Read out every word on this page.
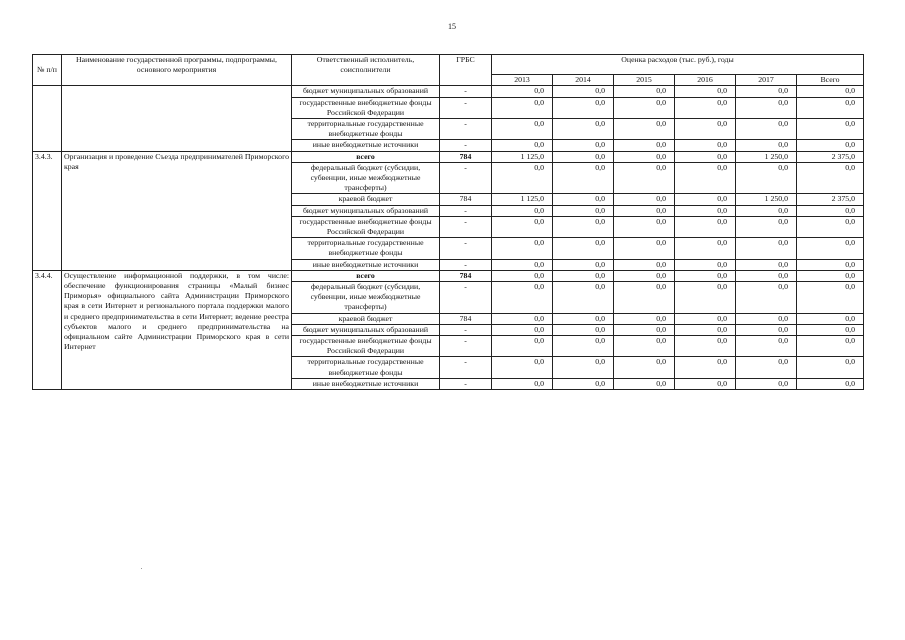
15
№ п/п	Наименование государственной программы, подпрограммы, основного мероприятия	Ответственный исполнитель, соисполнители	ГРБС	Оценка расходов (тыс. руб.), годы					
				2013	2014	2015	2016	2017	Всего
		бюджет муниципальных образований	-	0,0	0,0	0,0	0,0	0,0	0,0
		государственные внебюджетные фонды Российской Федерации	-	0,0	0,0	0,0	0,0	0,0	0,0
		территориальные государственные внебюджетные фонды	-	0,0	0,0	0,0	0,0	0,0	0,0
		иные внебюджетные источники	-	0,0	0,0	0,0	0,0	0,0	0,0
3.4.3.	Организация и проведение Съезда предпринимателей Приморского края	всего	784	1 125,0	0,0	0,0	0,0	1 250,0	2 375,0
		федеральный бюджет (субсидии, субвенции, иные межбюджетные трансферты)	-	0,0	0,0	0,0	0,0	0,0	0,0
		краевой бюджет	784	1 125,0	0,0	0,0	0,0	1 250,0	2 375,0
		бюджет муниципальных образований	-	0,0	0,0	0,0	0,0	0,0	0,0
		государственные внебюджетные фонды Российской Федерации	-	0,0	0,0	0,0	0,0	0,0	0,0
		территориальные государственные внебюджетные фонды	-	0,0	0,0	0,0	0,0	0,0	0,0
		иные внебюджетные источники	-	0,0	0,0	0,0	0,0	0,0	0,0
3.4.4.	Осуществление информационной поддержки, в том числе: обеспечение функционирования страницы «Малый бизнес Приморья» официального сайта Администрации Приморского края в сети Интернет и регионального портала поддержки малого и среднего предпринимательства в сети Интернет; ведение реестра субъектов малого и среднего предпринимательства на официальном сайте Администрации Приморского края в сети Интернет	всего	784	0,0	0,0	0,0	0,0	0,0	0,0
		федеральный бюджет (субсидии, субвенции, иные межбюджетные трансферты)	-	0,0	0,0	0,0	0,0	0,0	0,0
		краевой бюджет	784	0,0	0,0	0,0	0,0	0,0	0,0
		бюджет муниципальных образований	-	0,0	0,0	0,0	0,0	0,0	0,0
		государственные внебюджетные фонды Российской Федерации	-	0,0	0,0	0,0	0,0	0,0	0,0
		территориальные государственные внебюджетные фонды	-	0,0	0,0	0,0	0,0	0,0	0,0
		иные внебюджетные источники	-	0,0	0,0	0,0	0,0	0,0	0,0
